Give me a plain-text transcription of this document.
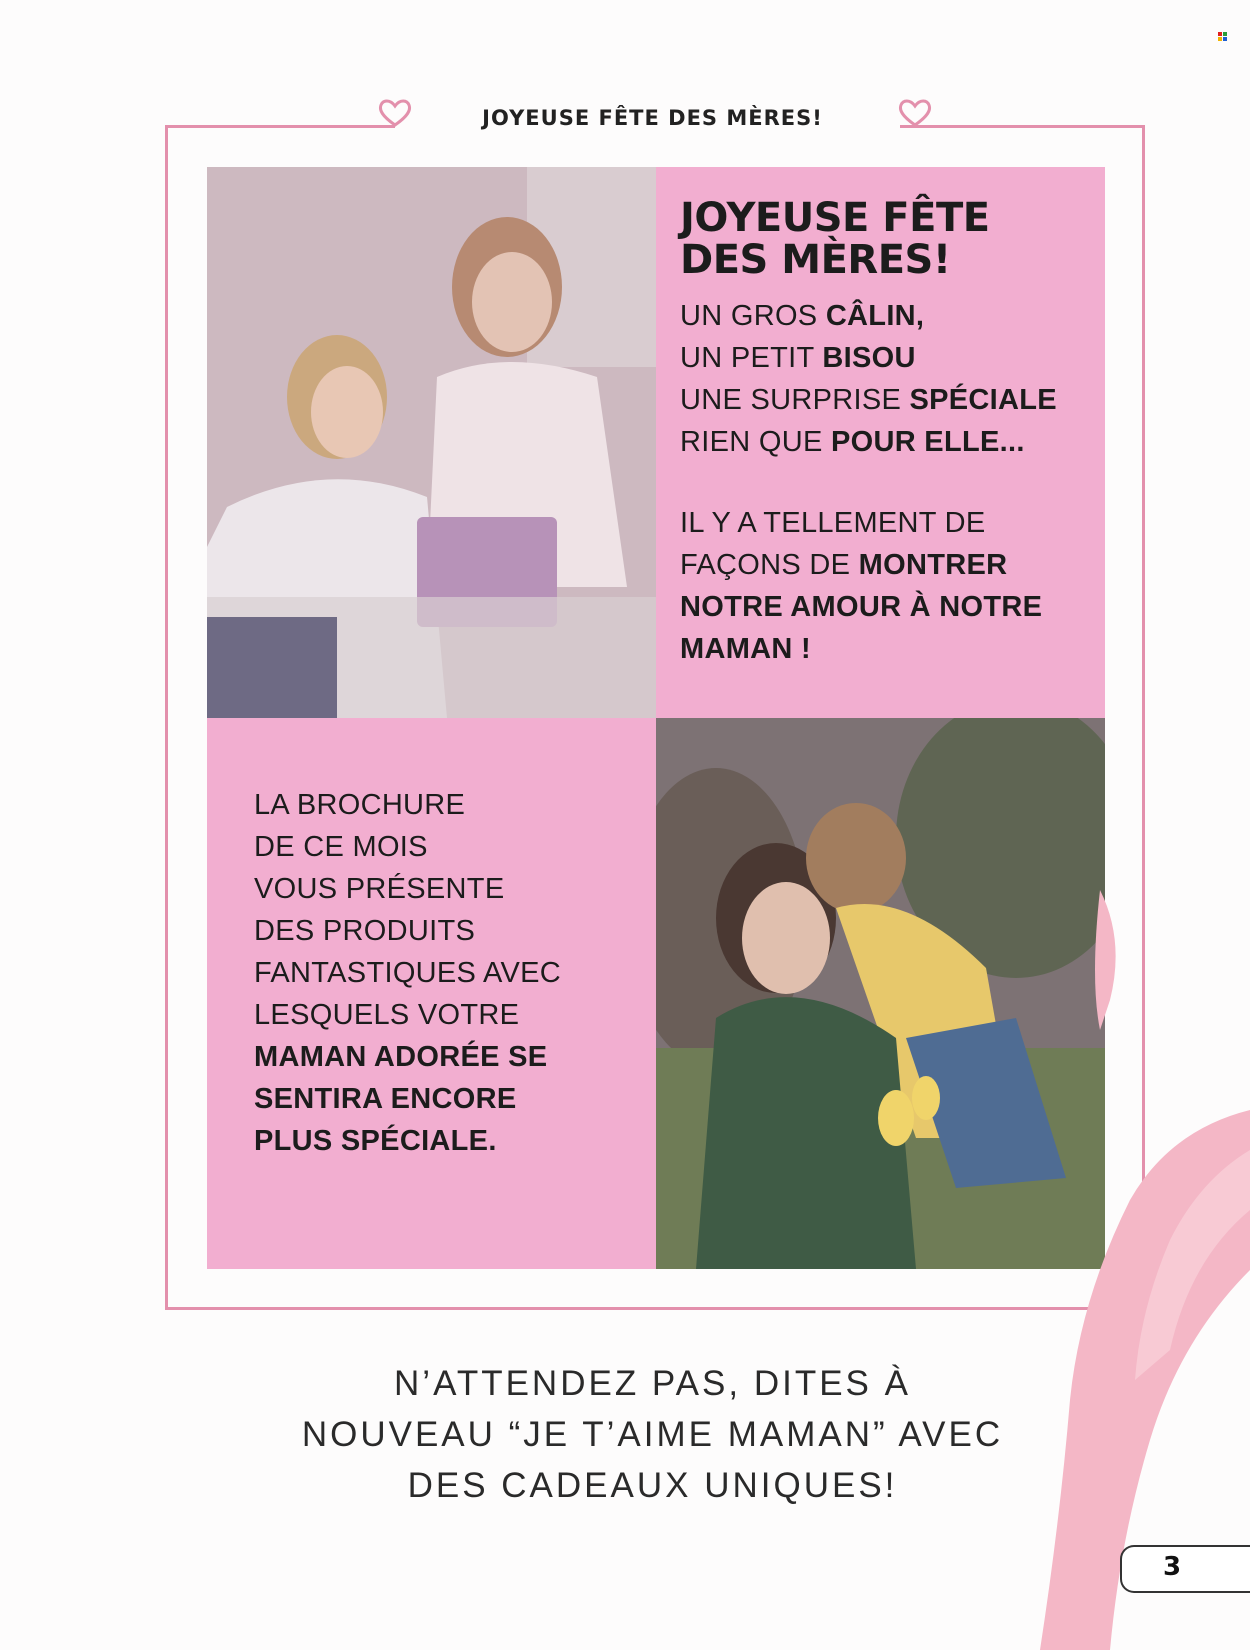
JOYEUSE FÊTE DES MÈRES!
JOYEUSE FÊTE
DES MÈRES!
UN GROS CÂLIN,
UN PETIT BISOU
UNE SURPRISE SPÉCIALE
RIEN QUE POUR ELLE...
IL Y A TELLEMENT DE
FAÇONS DE MONTRER
NOTRE AMOUR À NOTRE
MAMAN !
LA BROCHURE
DE CE MOIS
VOUS PRÉSENTE
DES PRODUITS
FANTASTIQUES AVEC
LESQUELS VOTRE
MAMAN ADORÉE SE
SENTIRA ENCORE
PLUS SPÉCIALE.
N’ATTENDEZ PAS, DITES À
NOUVEAU “JE T’AIME MAMAN” AVEC
DES CADEAUX UNIQUES!
3
